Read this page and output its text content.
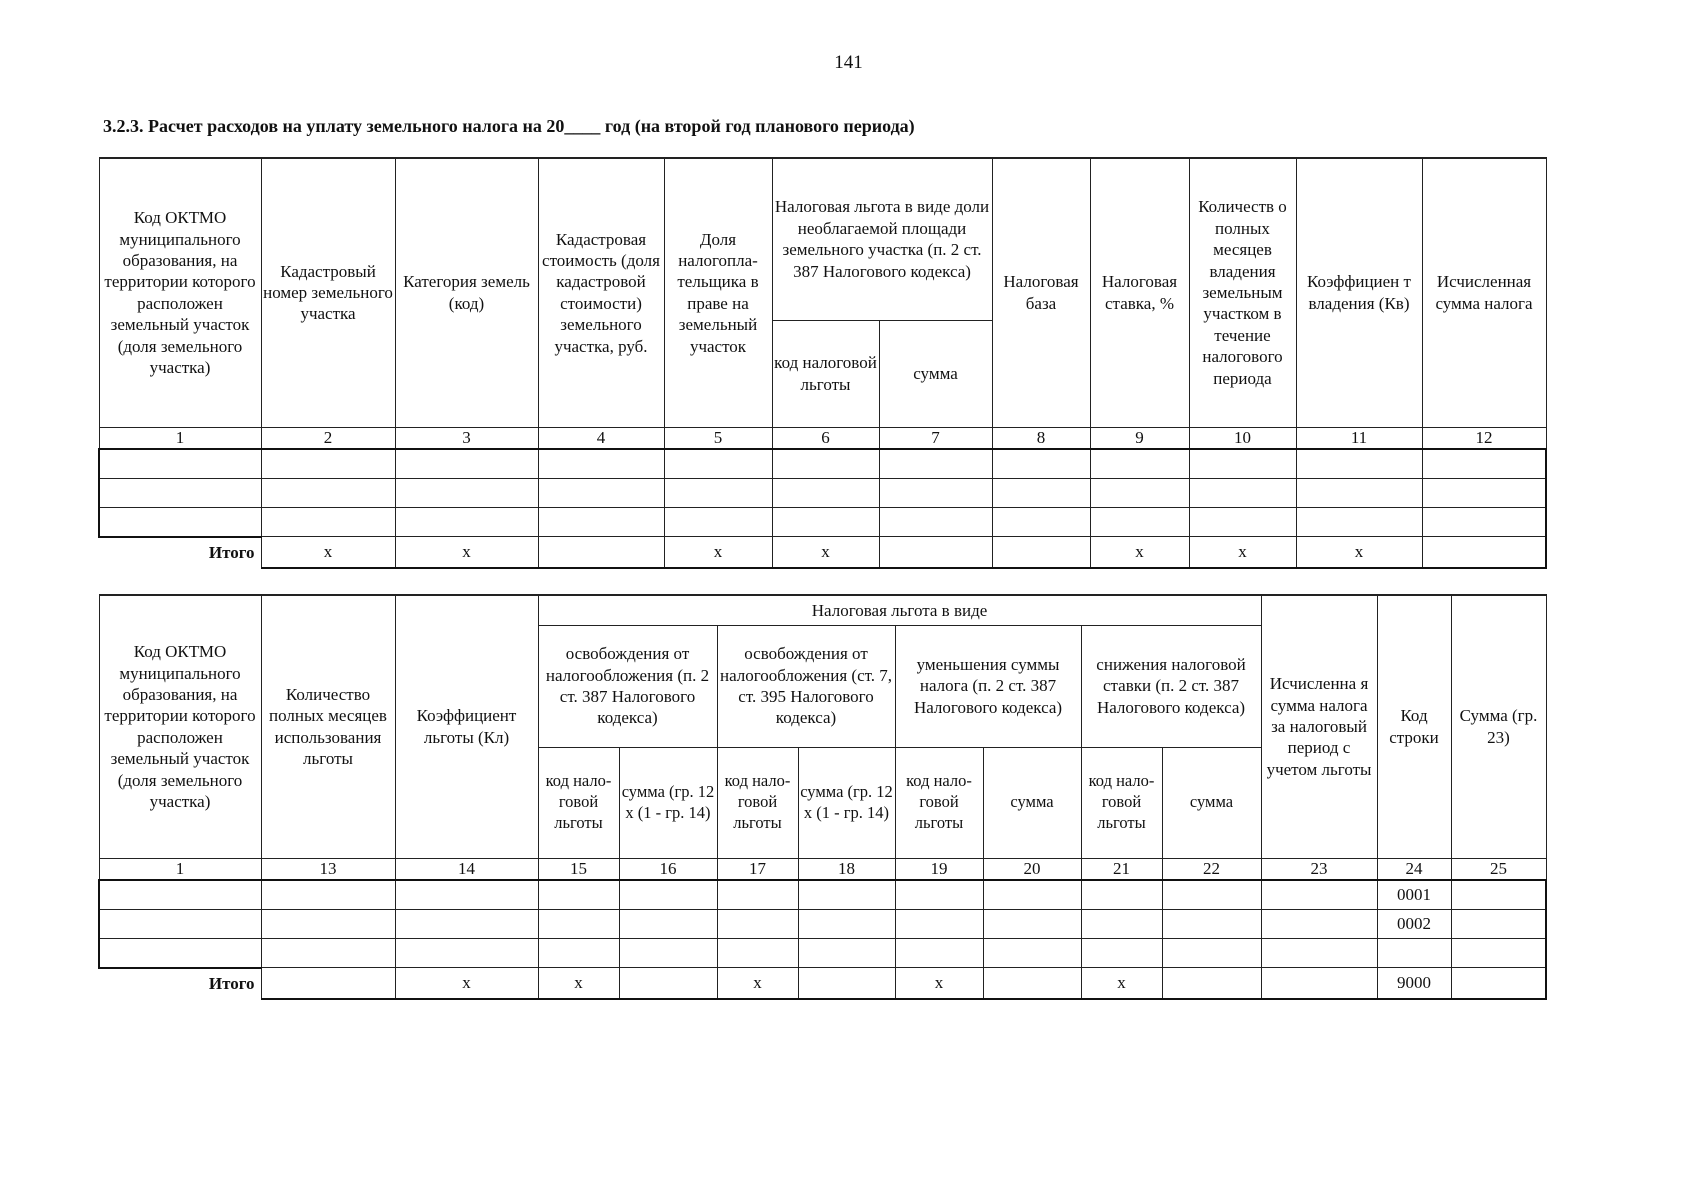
141
3.2.3. Расчет расходов на уплату земельного налога на 20____ год (на второй год планового периода)
Код ОКТМО муниципального образования, на территории которого расположен земельный участок (доля земельного участка)	Кадастровый номер земельного участка	Категория земель (код)	Кадастровая стоимость (доля кадастровой стоимости) земельного участка, руб.	Доля налогопла- тельщика в праве на земельный участок	Налоговая льгота в виде доли необлагаемой площади земельного участка (п. 2 ст. 387 Налогового кодекса)		Налоговая база	Налоговая ставка, %	Количеств о полных месяцев владения земельным участком в течение налогового периода	Коэффициен т владения (Кв)	Исчисленная сумма налога
					код налоговой льготы	сумма					
1	2	3	4	5	6	7	8	9	10	11	12

Итого	x	x		x	x			x	x	x	
Код ОКТМО муниципального образования, на территории которого расположен земельный участок (доля земельного участка)	Количество полных месяцев использования льготы	Коэффициент льготы (Кл)	Налоговая льгота в виде								Исчисленна я сумма налога за налоговый период с учетом льготы	Код строки	Сумма (гр. 23)
			освобождения от налогообложения (п. 2 ст. 387 Налогового кодекса)		освобождения от налогообложения (ст. 7, ст. 395 Налогового кодекса)		уменьшения суммы налога (п. 2 ст. 387 Налогового кодекса)		снижения налоговой ставки (п. 2 ст. 387 Налогового кодекса)				
			код нало- говой льготы	сумма (гр. 12 х (1 - гр. 14)	код нало- говой льготы	сумма (гр. 12 х (1 - гр. 14)	код нало- говой льготы	сумма	код нало- говой льготы	сумма			
1	13	14	15	16	17	18	19	20	21	22	23	24	25
												0001	
												0002	

Итого		x	x		x		x		x			9000	
